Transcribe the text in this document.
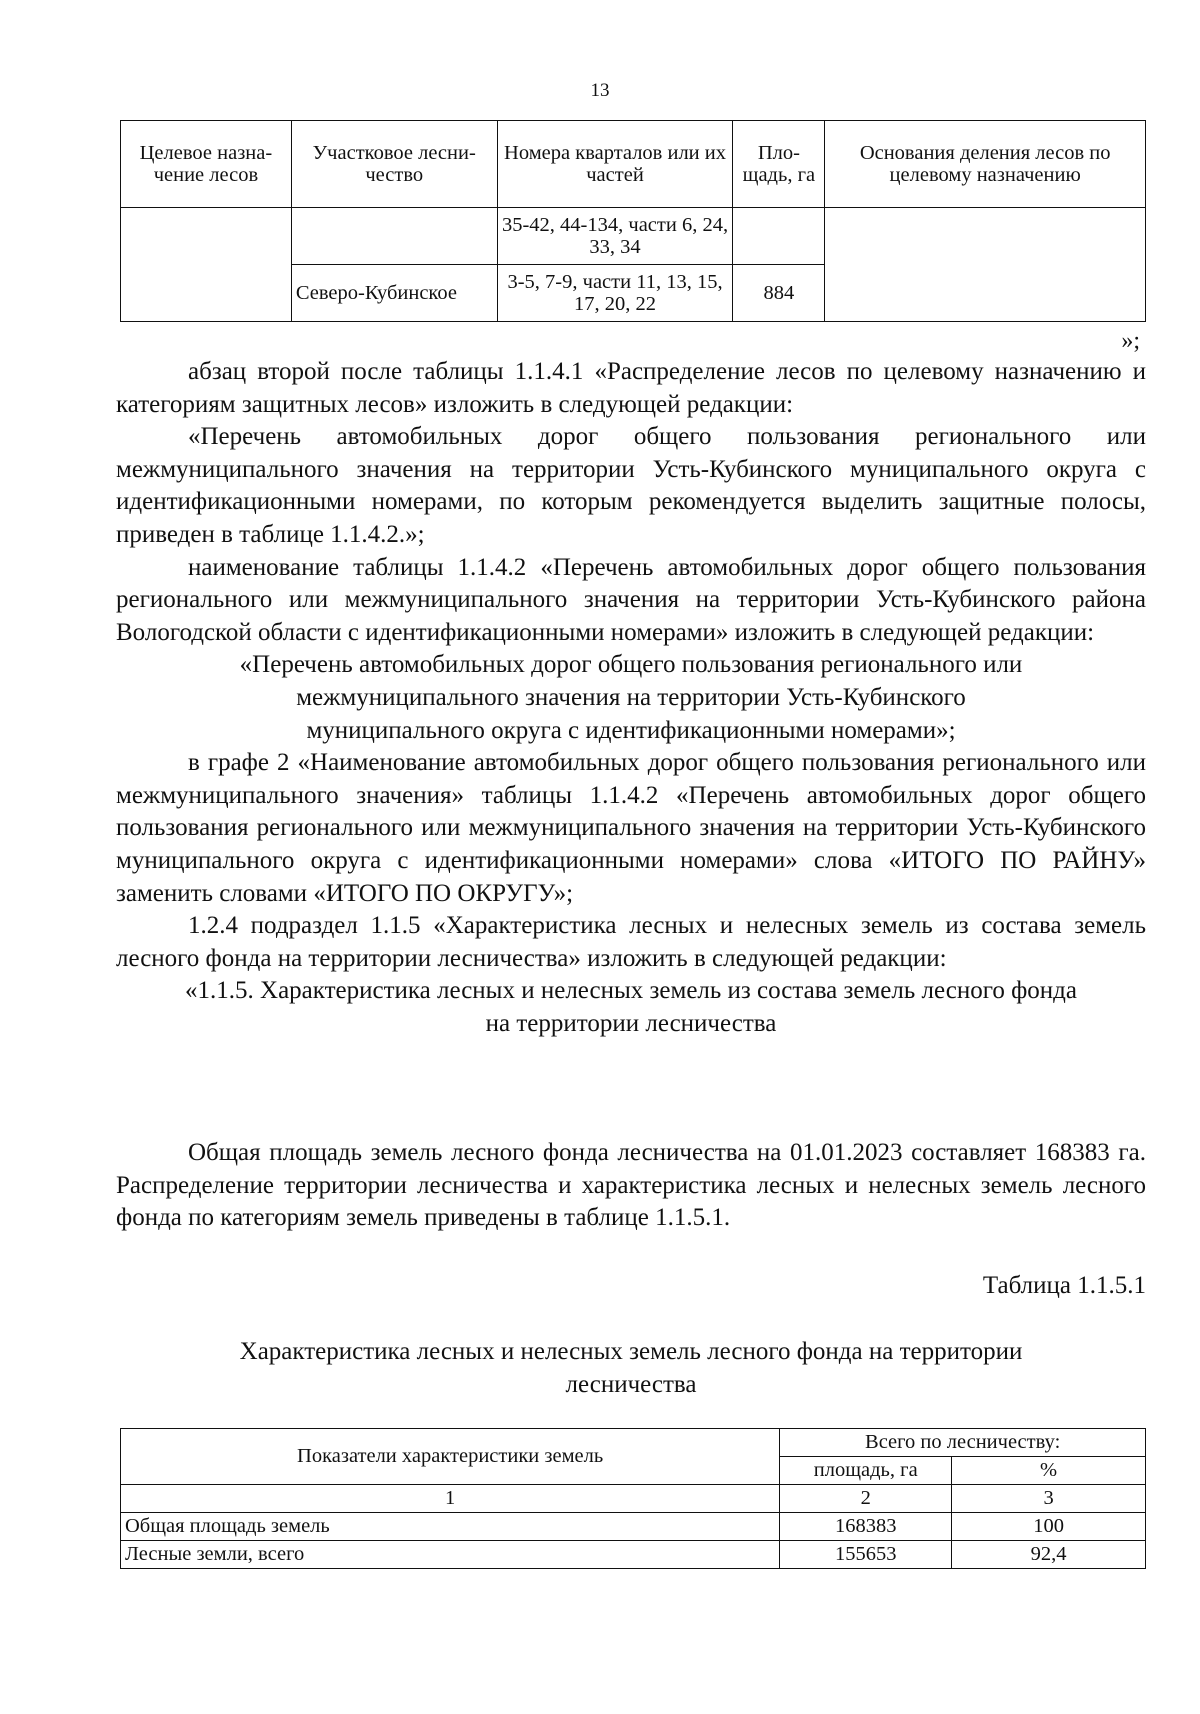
13
Целевое назна-чение лесов	Участковое лесни-чество	Номера кварталов или их частей	Пло-щадь, га	Основания деления лесов по целевому назначению
		35-42, 44-134, части 6, 24, 33, 34		
	Северо-Кубинское	3-5, 7-9, части 11, 13, 15, 17, 20, 22	884	
»;

абзац второй после таблицы 1.1.4.1 «Распределение лесов по целевому назначению и категориям защитных лесов» изложить в следующей редакции:

«Перечень автомобильных дорог общего пользования регионального или межмуниципального значения на территории Усть-Кубинского муниципального округа с идентификационными номерами, по которым рекомендуется выделить защитные полосы, приведен в таблице 1.1.4.2.»;

наименование таблицы 1.1.4.2 «Перечень автомобильных дорог общего пользования регионального или межмуниципального значения на территории Усть-Кубинского района Вологодской области с идентификационными номерами» изложить в следующей редакции:

«Перечень автомобильных дорог общего пользования регионального или

межмуниципального значения на территории Усть-Кубинского

муниципального округа с идентификационными номерами»;

в графе 2 «Наименование автомобильных дорог общего пользования регионального или межмуниципального значения» таблицы 1.1.4.2 «Перечень автомобильных дорог общего пользования регионального или межмуниципального значения на территории Усть-Кубинского муниципального округа с идентификационными номерами» слова «ИТОГО ПО РАЙНУ» заменить словами «ИТОГО ПО ОКРУГУ»;

1.2.4 подраздел 1.1.5 «Характеристика лесных и нелесных земель из состава земель лесного фонда на территории лесничества» изложить в следующей редакции:

«1.1.5. Характеристика лесных и нелесных земель из состава земель лесного фонда

на территории лесничества

Общая площадь земель лесного фонда лесничества на 01.01.2023 составляет 168383 га. Распределение территории лесничества и характеристика лесных и нелесных земель лесного фонда по категориям земель приведены в таблице 1.1.5.1.

Таблица 1.1.5.1

Характеристика лесных и нелесных земель лесного фонда на территории

лесничества

Показатели характеристики земель	Всего по лесничеству:	
	площадь, га	%
1	2	3
Общая площадь земель	168383	100
Лесные земли, всего	155653	92,4
